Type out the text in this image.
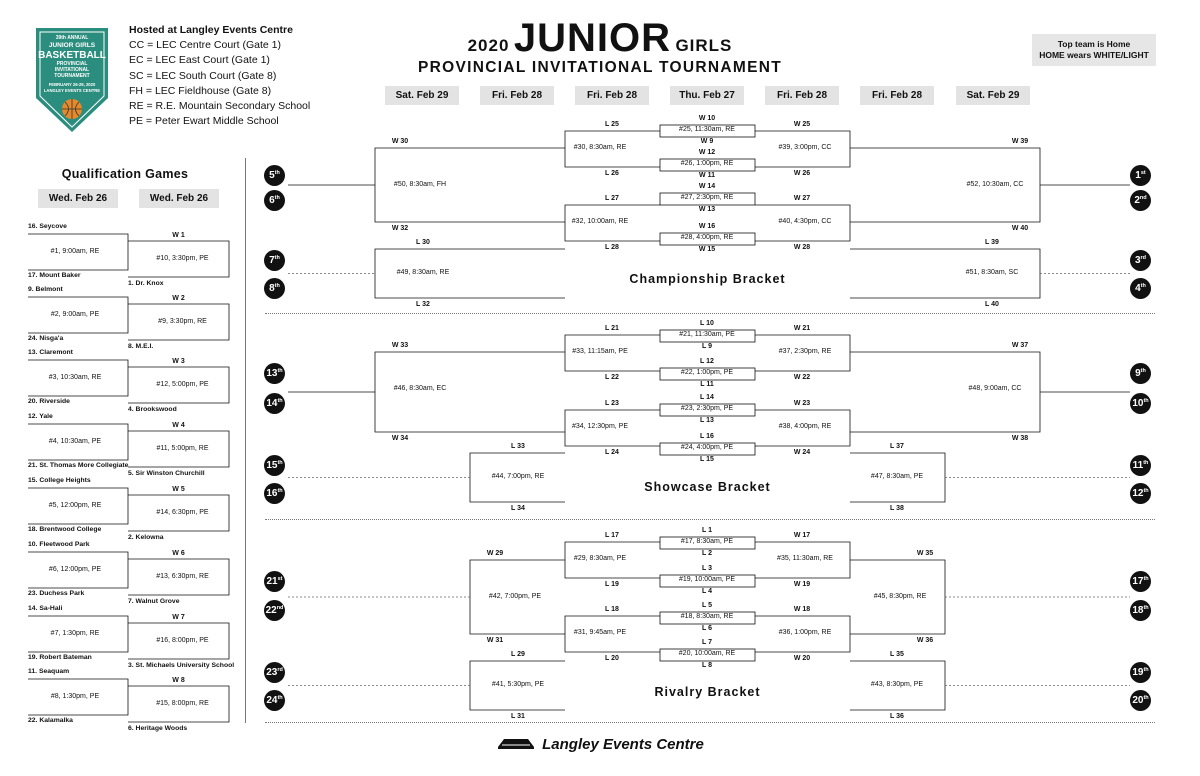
39th ANNUAL
JUNIOR GIRLS
BASKETBALL
PROVINCIAL
INVITATIONAL
TOURNAMENT
FEBRUARY 26-29, 2020
LANGLEY EVENTS CENTRE
Hosted at Langley Events Centre
CC = LEC Centre Court (Gate 1)
EC = LEC East Court (Gate 1)
SC = LEC South Court (Gate 8)
FH = LEC Fieldhouse (Gate 8)
RE = R.E. Mountain Secondary School
PE = Peter Ewart Middle School
2020 JUNIOR GIRLS
PROVINCIAL INVITATIONAL TOURNAMENT
Top team is Home
HOME wears WHITE/LIGHT
Sat. Feb 29	Fri. Feb 28	Fri. Feb 28	Thu. Feb 27	Fri. Feb 28	Fri. Feb 28	Sat. Feb 29
Qualification Games
Wed. Feb 26	Wed. Feb 26
16. Seycove
17. Mount Baker
#1, 9:00am, RE
W 1
#10, 3:30pm, PE
1. Dr. Knox
9. Belmont
24. Nisga'a
#2, 9:00am, PE
W 2
#9, 3:30pm, RE
8. M.E.I.
13. Claremont
20. Riverside
#3, 10:30am, RE
W 3
#12, 5:00pm, PE
4. Brookswood
12. Yale
21. St. Thomas More Collegiate
#4, 10:30am, PE
W 4
#11, 5:00pm, RE
5. Sir Winston Churchill
15. College Heights
18. Brentwood College
#5, 12:00pm, RE
W 5
#14, 6:30pm, PE
2. Kelowna
10. Fleetwood Park
23. Duchess Park
#6, 12:00pm, PE
W 6
#13, 6:30pm, RE
7. Walnut Grove
14. Sa-Hali
19. Robert Bateman
#7, 1:30pm, RE
W 7
#16, 8:00pm, PE
3. St. Michaels University School
11. Seaquam
22. Kalamalka
#8, 1:30pm, PE
W 8
#15, 8:00pm, RE
6. Heritage Woods
W 10
#25, 11:30am, RE
W 9
W 12
#26, 1:00pm, RE
W 11
W 14
#27, 2:30pm, RE
W 13
W 16
#28, 4:00pm, RE
W 15
L 25
#30, 8:30am, RE
L 26
W 25
#39, 3:00pm, CC
W 26
L 27
#32, 10:00am, RE
L 28
W 27
#40, 4:30pm, CC
W 28
W 30
#50, 8:30am, FH
W 32
W 39
#52, 10:30am, CC
W 40
L 30
#49, 8:30am, RE
L 32
L 39
#51, 8:30am, SC
L 40
5th
6th
7th
8th
1st
2nd
3rd
4th
Championship Bracket
L 10
#21, 11:30am, PE
L 9
L 12
#22, 1:00pm, PE
L 11
L 14
#23, 2:30pm, PE
L 13
L 16
#24, 4:00pm, PE
L 15
L 21
#33, 11:15am, PE
L 22
W 21
#37, 2:30pm, RE
W 22
L 23
#34, 12:30pm, PE
L 24
W 23
#38, 4:00pm, RE
W 24
W 33
#46, 8:30am, EC
W 34
W 37
#48, 9:00am, CC
W 38
L 33
#44, 7:00pm, RE
L 34
L 37
#47, 8:30am, PE
L 38
13th
14th
15th
16th
9th
10th
11th
12th
Showcase Bracket
L 1
#17, 8:30am, PE
L 2
L 3
#19, 10:00am, PE
L 4
L 5
#18, 8:30am, RE
L 6
L 7
#20, 10:00am, RE
L 8
L 17
#29, 8:30am, PE
L 19
W 17
#35, 11:30am, RE
W 19
L 18
#31, 9:45am, PE
L 20
W 18
#36, 1:00pm, RE
W 20
W 29
#42, 7:00pm, PE
W 31
W 35
#45, 8:30pm, RE
W 36
L 29
#41, 5:30pm, PE
L 31
L 35
#43, 8:30pm, PE
L 36
21st
22nd
23rd
24th
17th
18th
19th
20th
Rivalry Bracket
Langley Events Centre
